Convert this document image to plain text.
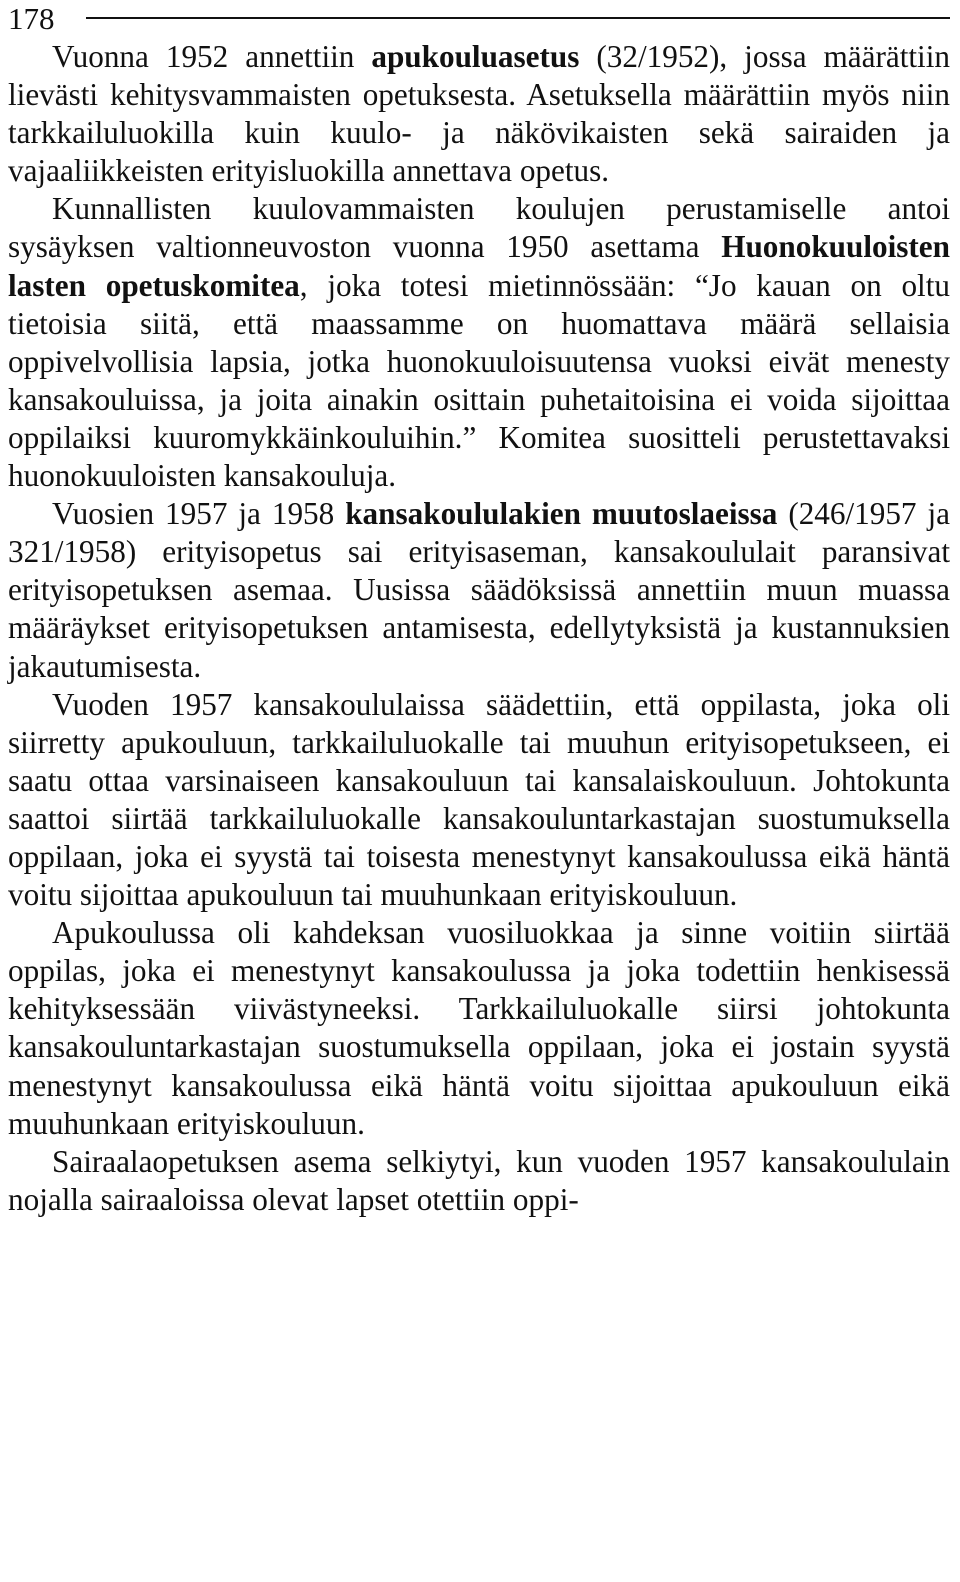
178

Vuonna 1952 annettiin apukouluasetus (32/1952), jossa määrättiin lievästi kehitysvammaisten opetuksesta. Asetuksella määrättiin myös niin tarkkailuluokilla kuin kuulo- ja näkövikaisten sekä sairaiden ja vajaaliikkeisten erityisluokilla annettava opetus.

Kunnallisten kuulovammaisten koulujen perustamiselle antoi sysäyksen valtionneuvoston vuonna 1950 asettama Huonokuuloisten lasten opetuskomitea, joka totesi mietinnössään: “Jo kauan on oltu tietoisia siitä, että maassamme on huomattava määrä sellaisia oppivelvollisia lapsia, jotka huonokuuloisuutensa vuoksi eivät menesty kansakouluissa, ja joita ainakin osittain puhetaitoisina ei voida sijoittaa oppilaiksi kuuromykkäinkouluihin.” Komitea suositteli perustettavaksi huonokuuloisten kansakouluja.

Vuosien 1957 ja 1958 kansakoululakien muutoslaeissa (246/1957 ja 321/1958) erityisopetus sai erityisaseman, kansakoululait paransivat erityisopetuksen asemaa. Uusissa säädöksissä annettiin muun muassa määräykset erityisopetuksen antamisesta, edellytyksistä ja kustannuksien jakautumisesta.

Vuoden 1957 kansakoululaissa säädettiin, että oppilasta, joka oli siirretty apukouluun, tarkkailuluokalle tai muuhun erityisopetukseen, ei saatu ottaa varsinaiseen kansakouluun tai kansalaiskouluun. Johtokunta saattoi siirtää tarkkailuluokalle kansakouluntarkastajan suostumuksella oppilaan, joka ei syystä tai toisesta menestynyt kansakoulussa eikä häntä voitu sijoittaa apukouluun tai muuhunkaan erityiskouluun.

Apukoulussa oli kahdeksan vuosiluokkaa ja sinne voitiin siirtää oppilas, joka ei menestynyt kansakoulussa ja joka todettiin henkisessä kehityksessään viivästyneeksi. Tarkkailuluokalle siirsi johtokunta kansakouluntarkastajan suostumuksella oppilaan, joka ei jostain syystä menestynyt kansakoulussa eikä häntä voitu sijoittaa apukouluun eikä muuhunkaan erityiskouluun.

Sairaalaopetuksen asema selkiytyi, kun vuoden 1957 kansakoululain nojalla sairaaloissa olevat lapset otettiin oppi-
